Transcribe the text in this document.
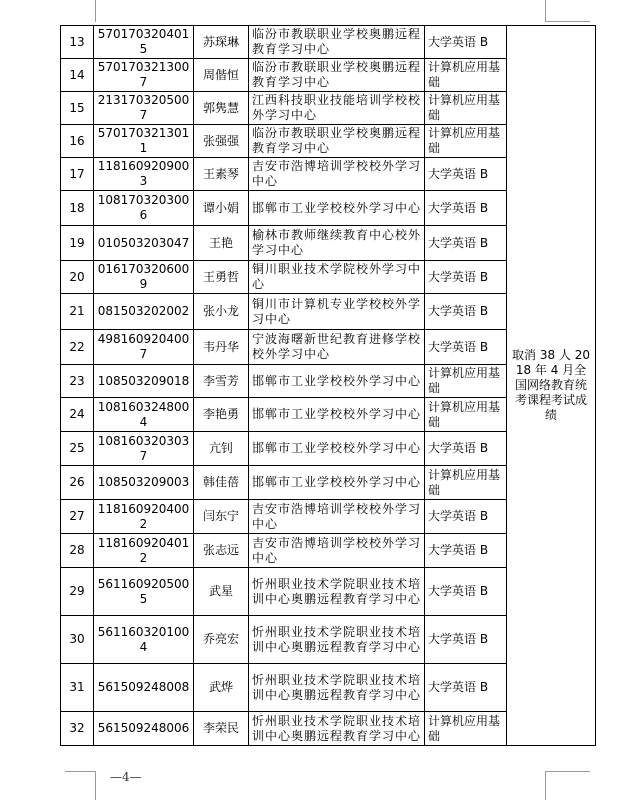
13	5701703204015	苏琛琳	临汾市教联职业学校奥鹏远程教育学习中心	大学英语 B	取消 38 人 2018 年 4 月全国网络教育统考课程考试成绩
14	5701703213007	周偕恒	临汾市教联职业学校奥鹏远程教育学习中心	计算机应用基础	
15	2131703205007	郭隽慧	江西科技职业技能培训学校校外学习中心	计算机应用基础	
16	5701703213011	张强强	临汾市教联职业学校奥鹏远程教育学习中心	计算机应用基础	
17	1181609209003	王素琴	吉安市浩博培训学校校外学习中心	大学英语 B	
18	1081703203006	谭小娟	邯郸市工业学校校外学习中心	大学英语 B	
19	010503203047	王艳	榆林市教师继续教育中心校外学习中心	大学英语 B	
20	0161703206009	王勇哲	铜川职业技术学院校外学习中心	大学英语 B	
21	081503202002	张小龙	铜川市计算机专业学校校外学习中心	大学英语 B	
22	4981609204007	韦丹华	宁波海曙新世纪教育进修学校校外学习中心	大学英语 B	
23	108503209018	李雪芳	邯郸市工业学校校外学习中心	计算机应用基础	
24	1081603248004	李艳勇	邯郸市工业学校校外学习中心	计算机应用基础	
25	1081603203037	亢钊	邯郸市工业学校校外学习中心	大学英语 B	
26	108503209003	韩佳蓓	邯郸市工业学校校外学习中心	计算机应用基础	
27	1181609204002	闫东宁	吉安市浩博培训学校校外学习中心	大学英语 B	
28	1181609204012	张志远	吉安市浩博培训学校校外学习中心	大学英语 B	
29	5611609205005	武星	忻州职业技术学院职业技术培训中心奥鹏远程教育学习中心	大学英语 B	
30	5611603201004	乔亮宏	忻州职业技术学院职业技术培训中心奥鹏远程教育学习中心	大学英语 B	
31	561509248008	武烨	忻州职业技术学院职业技术培训中心奥鹏远程教育学习中心	大学英语 B	
32	561509248006	李荣民	忻州职业技术学院职业技术培训中心奥鹏远程教育学习中心	计算机应用基础	
—4—
